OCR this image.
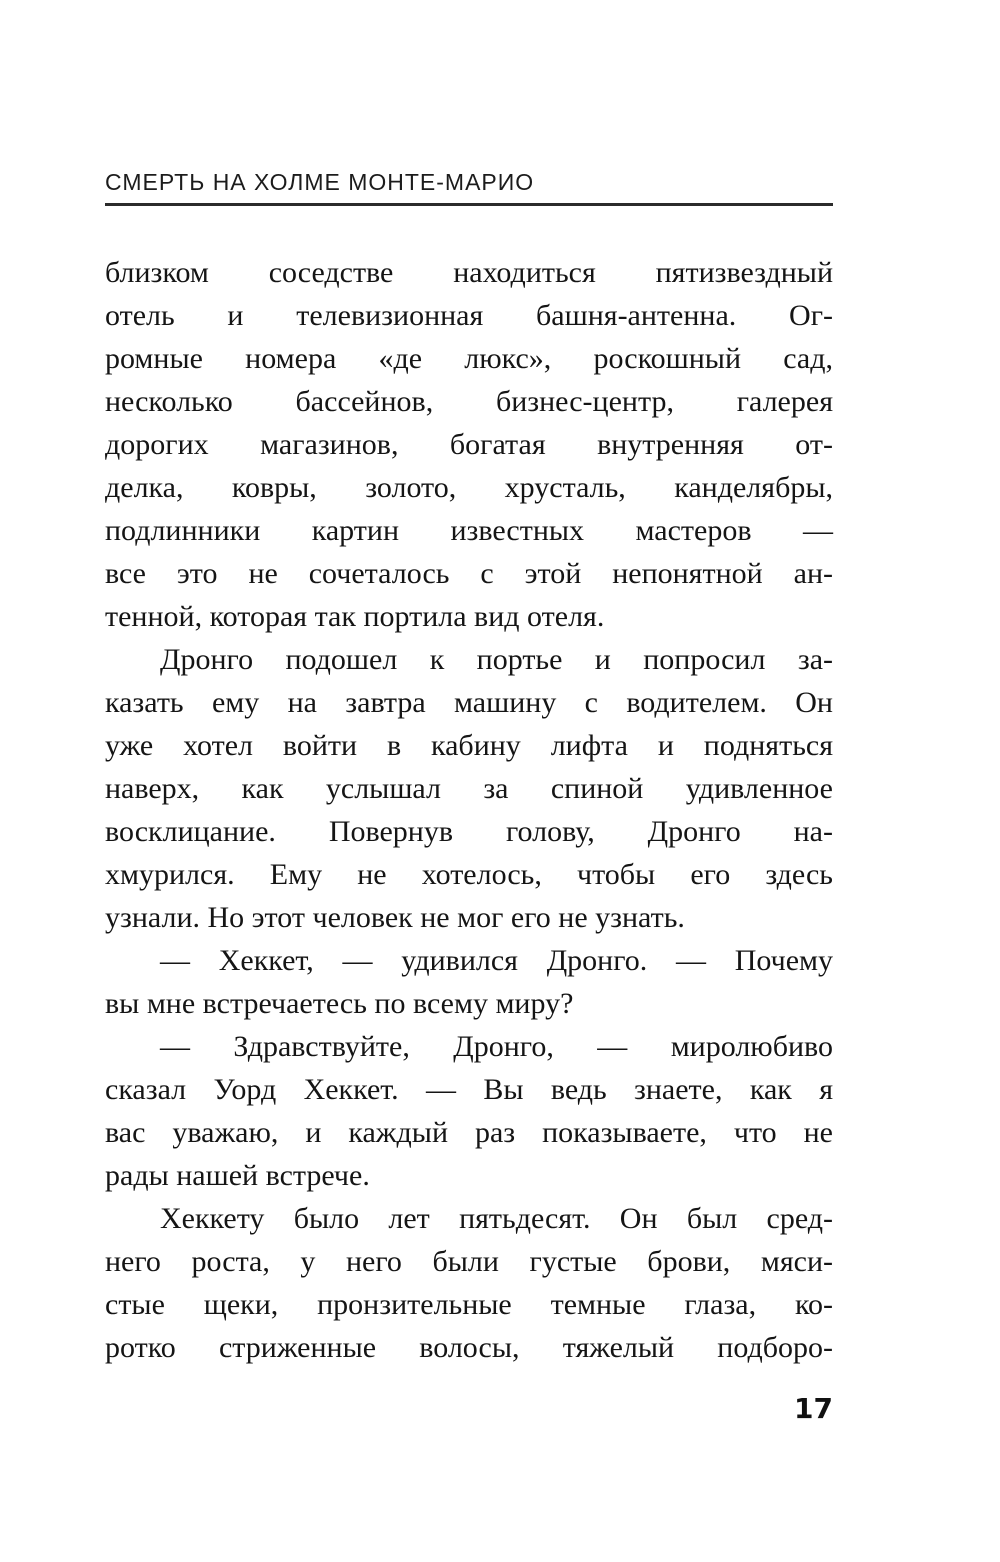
СМЕРТЬ НА ХОЛМЕ МОНТЕ-МАРИО
близком соседстве находиться пятизвездный
отель и телевизионная башня-антенна. Ог-
ромные номера «де люкс», роскошный сад,
несколько бассейнов, бизнес-центр, галерея
дорогих магазинов, богатая внутренняя от-
делка, ковры, золото, хрусталь, канделябры,
подлинники картин известных мастеров —
все это не сочеталось с этой непонятной ан-
тенной, которая так портила вид отеля.
Дронго подошел к портье и попросил за-
казать ему на завтра машину с водителем. Он
уже хотел войти в кабину лифта и подняться
наверх, как услышал за спиной удивленное
восклицание. Повернув голову, Дронго на-
хмурился. Ему не хотелось, чтобы его здесь
узнали. Но этот человек не мог его не узнать.
— Хеккет, — удивился Дронго. — Почему
вы мне встречаетесь по всему миру?
— Здравствуйте, Дронго, — миролюбиво
сказал Уорд Хеккет. — Вы ведь знаете, как я
вас уважаю, и каждый раз показываете, что не
рады нашей встрече.
Хеккету было лет пятьдесят. Он был сред-
него роста, у него были густые брови, мяси-
стые щеки, пронзительные темные глаза, ко-
ротко стриженные волосы, тяжелый подборо-
17
